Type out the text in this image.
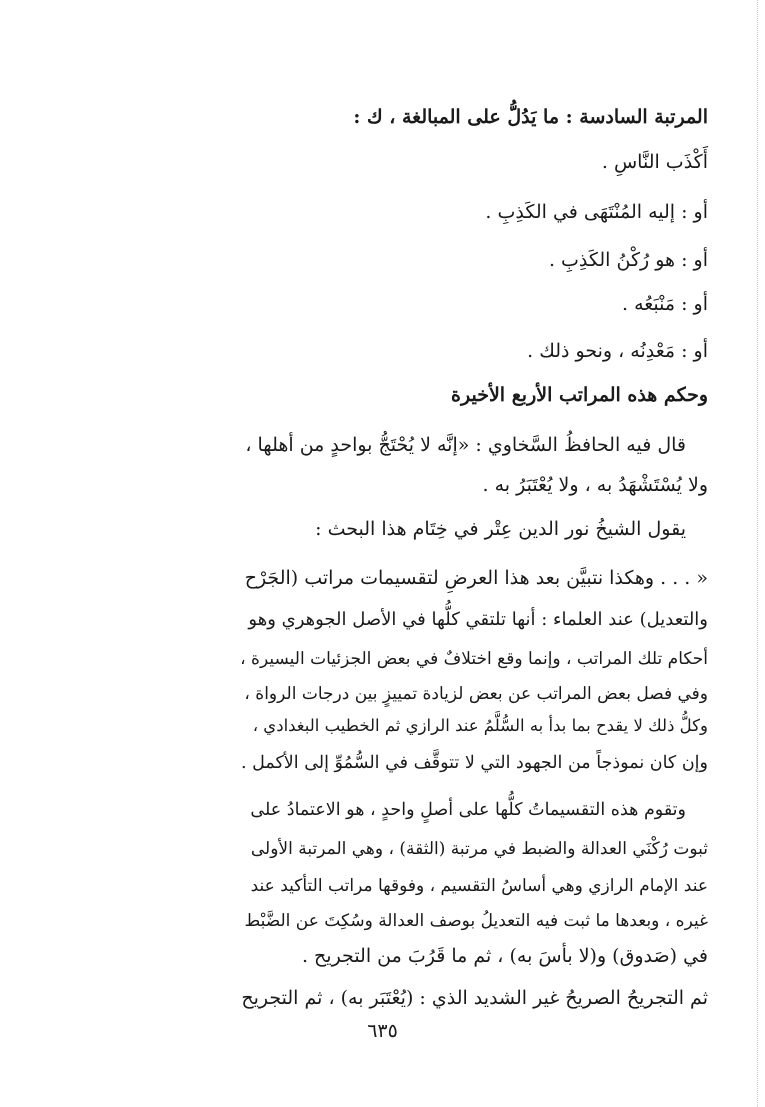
المرتبة السادسة : ما يَدُلُّ على المبالغة ، ك :
أَكْذَب النَّاسِ .
أو : إليه المُنْتَهَى في الكَذِبِ .
أو : هو رُكْنُ الكَذِبِ .
أو : مَنْبَعُه .
أو : مَعْدِنُه ، ونحو ذلك .
وحكم هذه المراتب الأربع الأخيرة
قال فيه الحافظُ السَّخاوي : «إنَّه لا يُحْتَجُّ بواحدٍ من أهلها ،
ولا يُسْتَشْهَدُ به ، ولا يُعْتَبَرُ به .
يقول الشيخُ نور الدين عِتْر في خِتَام هذا البحث :
« . . . وهكذا نتبيَّن بعد هذا العرضِ لتقسيمات مراتب (الجَرْح
والتعديل) عند العلماء : أنها تلتقي كلُّها في الأصل الجوهري وهو
أحكام تلك المراتب ، وإنما وقع اختلافٌ في بعض الجزئيات اليسيرة ،
وفي فصل بعض المراتب عن بعض لزيادة تمييزٍ بين درجات الرواة ،
وكلُّ ذلك لا يقدح بما بدأ به السُّلَّمُ عند الرازي ثم الخطيب البغدادي ،
وإن كان نموذجاً من الجهود التي لا تتوقَّف في السُّمُوِّ إلى الأكمل .
وتقوم هذه التقسيماتُ كلُّها على أصلٍ واحدٍ ، هو الاعتمادُ على
ثبوت رُكْنَي العدالة والضبط في مرتبة (الثقة) ، وهي المرتبة الأولى
عند الإمام الرازي وهي أساسُ التقسيم ، وفوقها مراتب التأكيد عند
غيره ، وبعدها ما ثبت فيه التعديلُ بوصف العدالة وسُكِتَ عن الضَّبْط
في (صَدوق) و(لا بأسَ به) ، ثم ما قَرُبَ من التجريح .
ثم التجريحُ الصريحُ غير الشديد الذي : (يُعْتَبَر به) ، ثم التجريح
٦٣٥
